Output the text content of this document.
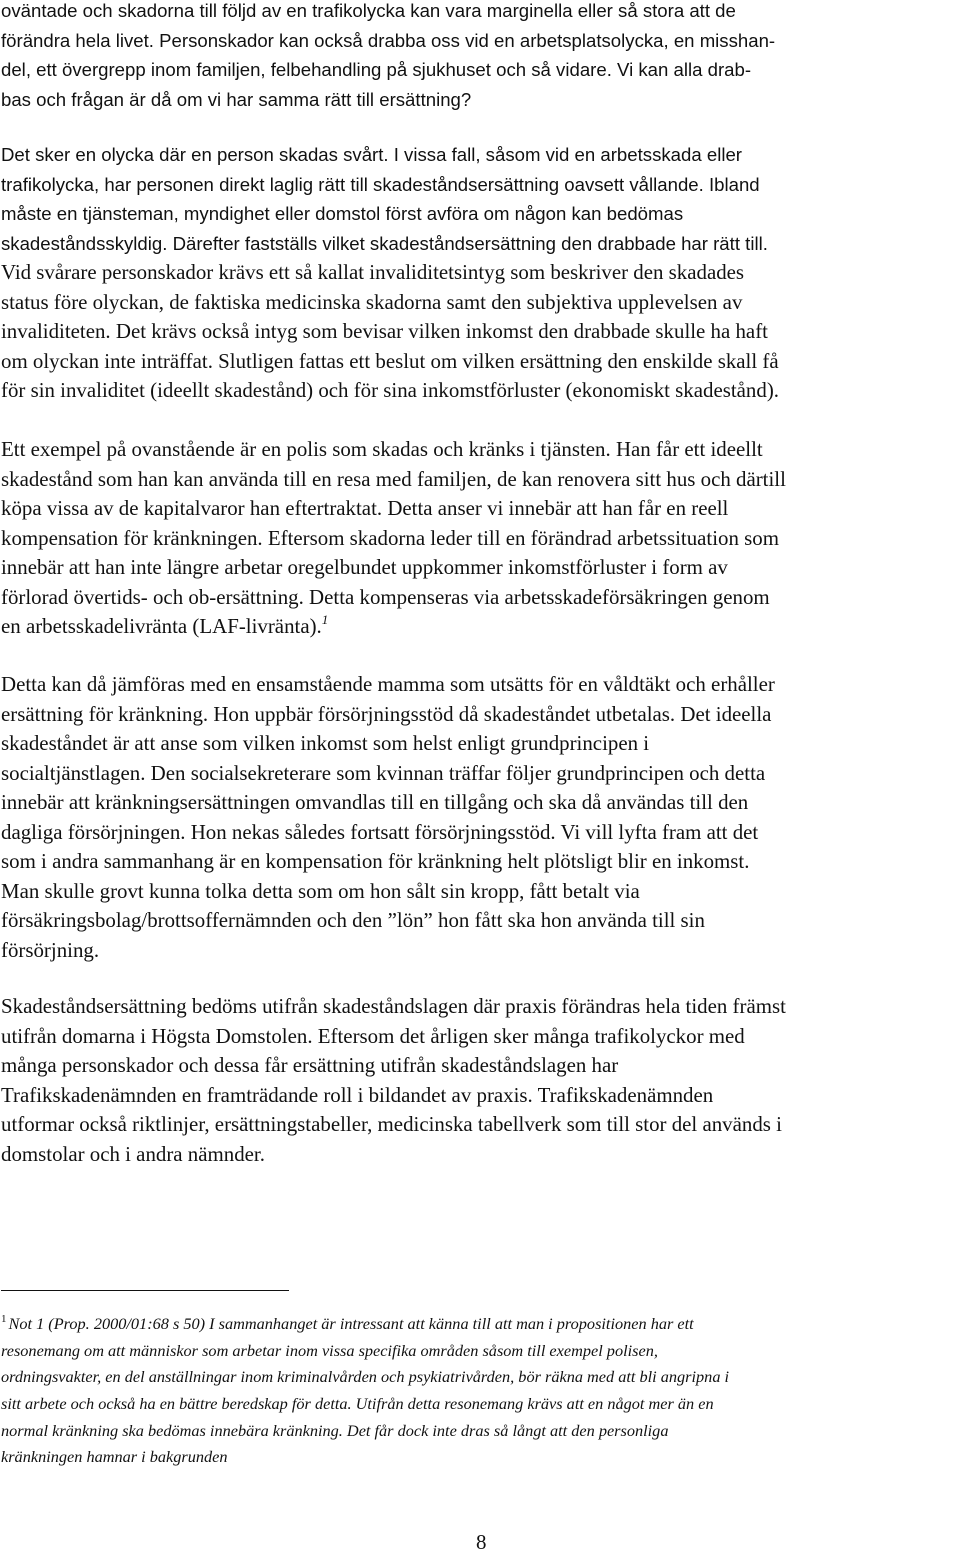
oväntade och skadorna till följd av en trafikolycka kan vara marginella eller så stora att de
förändra hela livet. Personskador kan också drabba oss vid en arbetsplatsolycka, en misshan-
del, ett övergrepp inom familjen, felbehandling på sjukhuset och så vidare. Vi kan alla drab-
bas och frågan är då om vi har samma rätt till ersättning?
Det sker en olycka där en person skadas svårt. I vissa fall, såsom vid en arbetsskada eller
trafikolycka, har personen direkt laglig rätt till skadeståndsersättning oavsett vållande. Ibland
måste en tjänsteman, myndighet eller domstol först avföra om någon kan bedömas
skadeståndsskyldig. Därefter fastställs vilket skadeståndsersättning den drabbade har rätt till.
Vid svårare personskador krävs ett så kallat invaliditetsintyg som beskriver den skadades
status före olyckan, de faktiska medicinska skadorna samt den subjektiva upplevelsen av
invaliditeten. Det krävs också intyg som bevisar vilken inkomst den drabbade skulle ha haft
om olyckan inte inträffat. Slutligen fattas ett beslut om vilken ersättning den enskilde skall få
för sin invaliditet (ideellt skadestånd) och för sina inkomstförluster (ekonomiskt skadestånd).
Ett exempel på ovanstående är en polis som skadas och kränks i tjänsten. Han får ett ideellt
skadestånd som han kan använda till en resa med familjen, de kan renovera sitt hus och därtill
köpa vissa av de kapitalvaror han eftertraktat. Detta anser vi innebär att han får en reell
kompensation för kränkningen. Eftersom skadorna leder till en förändrad arbetssituation som
innebär att han inte längre arbetar oregelbundet uppkommer inkomstförluster i form av
förlorad övertids- och ob-ersättning. Detta kompenseras via arbetsskadeförsäkringen genom
en arbetsskadelivränta (LAF-livränta).$^1$
Detta kan då jämföras med en ensamstående mamma som utsätts för en våldtäkt och erhåller
ersättning för kränkning. Hon uppbär försörjningsstöd då skadeståndet utbetalas. Det ideella
skadeståndet är att anse som vilken inkomst som helst enligt grundprincipen i
socialtjänstlagen. Den socialsekreterare som kvinnan träffar följer grundprincipen och detta
innebär att kränkningsersättningen omvandlas till en tillgång och ska då användas till den
dagliga försörjningen. Hon nekas således fortsatt försörjningsstöd. Vi vill lyfta fram att det
som i andra sammanhang är en kompensation för kränkning helt plötsligt blir en inkomst.
Man skulle grovt kunna tolka detta som om hon sålt sin kropp, fått betalt via
försäkringsbolag/brottsoffernämnden och den ”lön” hon fått ska hon använda till sin
försörjning.
Skadeståndsersättning bedöms utifrån skadeståndslagen där praxis förändras hela tiden främst
utifrån domarna i Högsta Domstolen. Eftersom det årligen sker många trafikolyckor med
många personskador och dessa får ersättning utifrån skadeståndslagen har
Trafikskadenämnden en framträdande roll i bildandet av praxis. Trafikskadenämnden
utformar också riktlinjer, ersättningstabeller, medicinska tabellverk som till stor del används i
domstolar och i andra nämnder.
$^1$ Not 1 (Prop. 2000/01:68 s 50) I sammanhanget är intressant att känna till att man i propositionen har ett
resonemang om att människor som arbetar inom vissa specifika områden såsom till exempel polisen,
ordningsvakter, en del anställningar inom kriminalvården och psykiatrivården, bör räkna med att bli angripna i
sitt arbete och också ha en bättre beredskap för detta. Utifrån detta resonemang krävs att en något mer än en
normal kränkning ska bedömas innebära kränkning. Det får dock inte dras så långt att den personliga
kränkningen hamnar i bakgrunden
8
